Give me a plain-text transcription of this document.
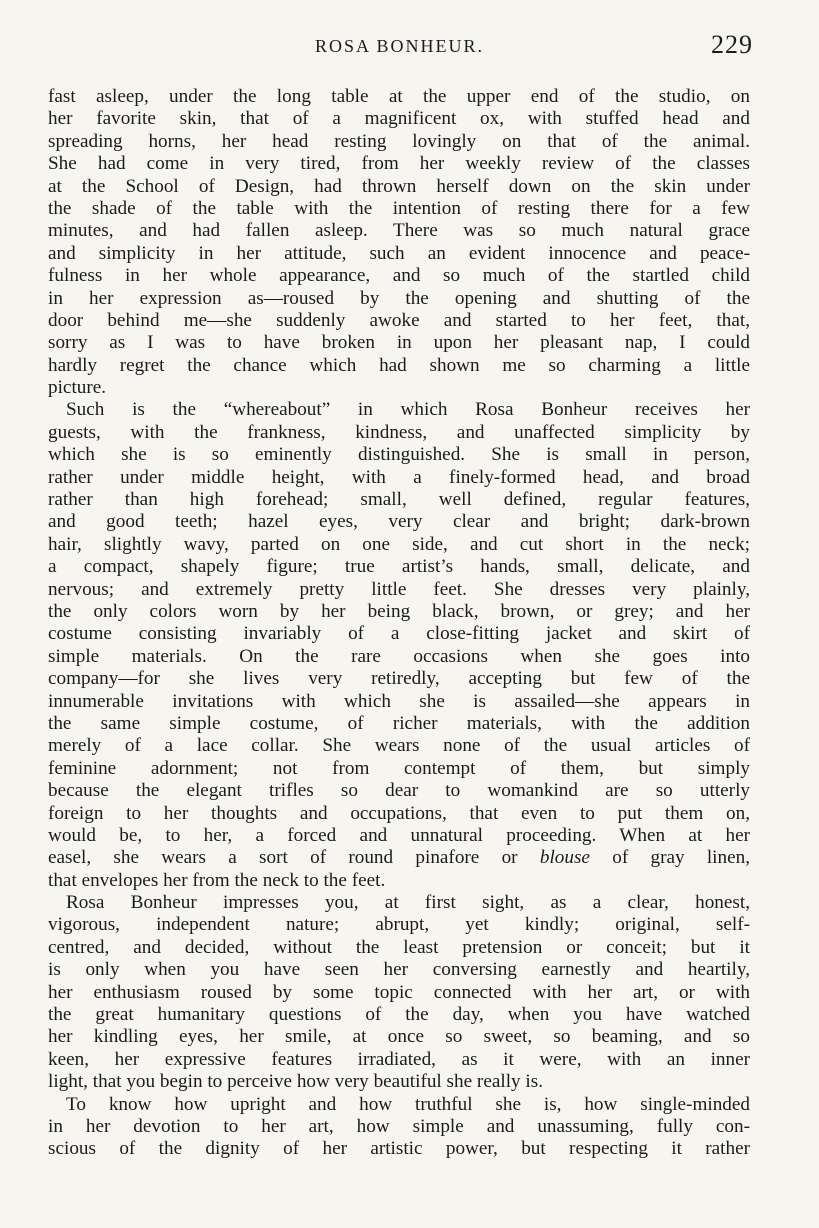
ROSA BONHEUR.	229
fast asleep, under the long table at the upper end of the studio, on
her favorite skin, that of a magnificent ox, with stuffed head and
spreading horns, her head resting lovingly on that of the animal.
She had come in very tired, from her weekly review of the classes
at the School of Design, had thrown herself down on the skin under
the shade of the table with the intention of resting there for a few
minutes, and had fallen asleep. There was so much natural grace
and simplicity in her attitude, such an evident innocence and peace-
fulness in her whole appearance, and so much of the startled child
in her expression as—roused by the opening and shutting of the
door behind me—she suddenly awoke and started to her feet, that,
sorry as I was to have broken in upon her pleasant nap, I could
hardly regret the chance which had shown me so charming a little
picture.
Such is the “whereabout” in which Rosa Bonheur receives her
guests, with the frankness, kindness, and unaffected simplicity by
which she is so eminently distinguished. She is small in person,
rather under middle height, with a finely-formed head, and broad
rather than high forehead; small, well defined, regular features,
and good teeth; hazel eyes, very clear and bright; dark-brown
hair, slightly wavy, parted on one side, and cut short in the neck;
a compact, shapely figure; true artist’s hands, small, delicate, and
nervous; and extremely pretty little feet. She dresses very plainly,
the only colors worn by her being black, brown, or grey; and her
costume consisting invariably of a close-fitting jacket and skirt of
simple materials. On the rare occasions when she goes into
company—for she lives very retiredly, accepting but few of the
innumerable invitations with which she is assailed—she appears in
the same simple costume, of richer materials, with the addition
merely of a lace collar. She wears none of the usual articles of
feminine adornment; not from contempt of them, but simply
because the elegant trifles so dear to womankind are so utterly
foreign to her thoughts and occupations, that even to put them on,
would be, to her, a forced and unnatural proceeding. When at her
easel, she wears a sort of round pinafore or blouse of gray linen,
that envelopes her from the neck to the feet.
Rosa Bonheur impresses you, at first sight, as a clear, honest,
vigorous, independent nature; abrupt, yet kindly; original, self-
centred, and decided, without the least pretension or conceit; but it
is only when you have seen her conversing earnestly and heartily,
her enthusiasm roused by some topic connected with her art, or with
the great humanitary questions of the day, when you have watched
her kindling eyes, her smile, at once so sweet, so beaming, and so
keen, her expressive features irradiated, as it were, with an inner
light, that you begin to perceive how very beautiful she really is.
To know how upright and how truthful she is, how single-minded
in her devotion to her art, how simple and unassuming, fully con-
scious of the dignity of her artistic power, but respecting it rather
